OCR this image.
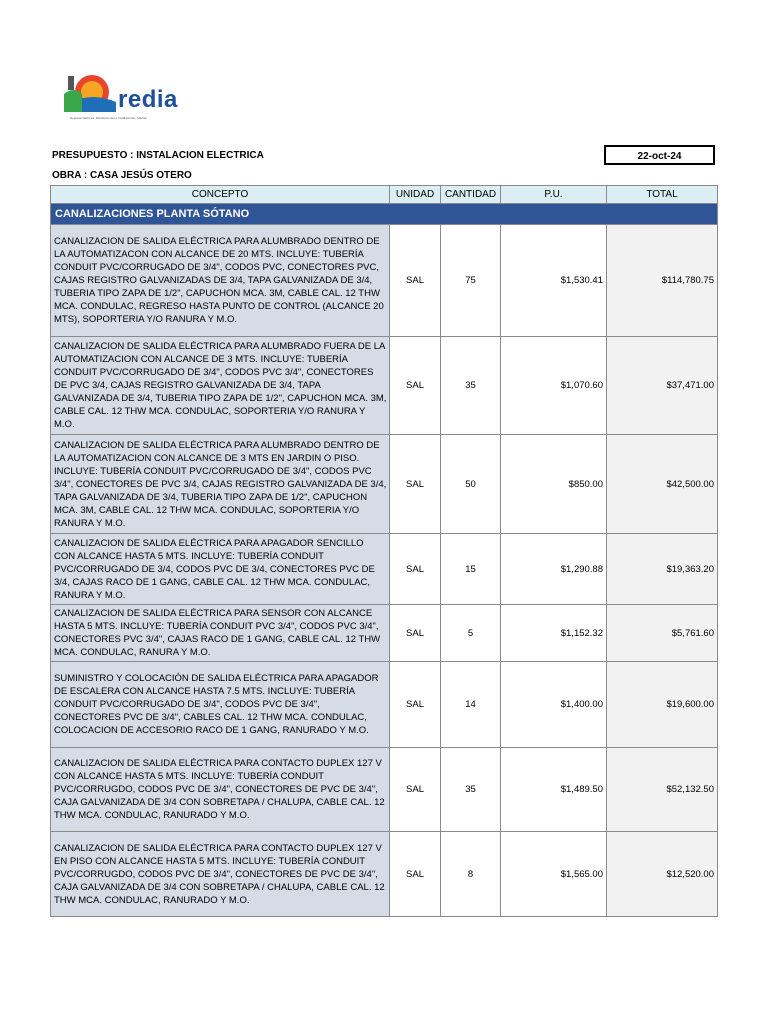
redia
Representaciones, Distribuciones e Instalaciones, Mérida
PRESUPUESTO : INSTALACION ELECTRICA
OBRA : CASA JESÚS OTERO
22-oct-24
CONCEPTO	UNIDAD	CANTIDAD	P.U.	TOTAL
CANALIZACIONES PLANTA SÓTANO				
CANALIZACION DE SALIDA ELÉCTRICA PARA ALUMBRADO DENTRO DE LA AUTOMATIZACON CON ALCANCE DE 20 MTS. INCLUYE: TUBERÍA CONDUIT PVC/CORRUGADO DE 3/4", CODOS PVC, CONECTORES PVC, CAJAS REGISTRO GALVANIZADAS DE 3/4, TAPA GALVANIZADA DE 3/4, TUBERIA TIPO ZAPA DE 1/2", CAPUCHON MCA. 3M, CABLE CAL. 12 THW MCA. CONDULAC, REGRESO HASTA PUNTO DE CONTROL (ALCANCE 20 MTS), SOPORTERIA Y/O RANURA Y M.O.	SAL	75	$1,530.41	$114,780.75
CANALIZACION DE SALIDA ELÉCTRICA PARA ALUMBRADO FUERA DE LA AUTOMATIZACION CON ALCANCE DE 3 MTS. INCLUYE: TUBERÍA CONDUIT PVC/CORRUGADO DE 3/4", CODOS PVC 3/4", CONECTORES DE PVC 3/4, CAJAS REGISTRO GALVANIZADA DE 3/4, TAPA GALVANIZADA DE 3/4, TUBERIA TIPO ZAPA DE 1/2", CAPUCHON MCA. 3M, CABLE CAL. 12 THW MCA. CONDULAC, SOPORTERIA Y/O RANURA Y M.O.	SAL	35	$1,070.60	$37,471.00
CANALIZACION DE SALIDA ELÉCTRICA PARA ALUMBRADO DENTRO DE LA AUTOMATIZACION CON ALCANCE DE 3 MTS EN JARDIN O PISO. INCLUYE: TUBERÍA CONDUIT PVC/CORRUGADO DE 3/4", CODOS PVC 3/4", CONECTORES DE PVC 3/4, CAJAS REGISTRO GALVANIZADA DE 3/4, TAPA GALVANIZADA DE 3/4, TUBERIA TIPO ZAPA DE 1/2", CAPUCHON MCA. 3M, CABLE CAL. 12 THW MCA. CONDULAC, SOPORTERIA Y/O RANURA Y M.O.	SAL	50	$850.00	$42,500.00
CANALIZACION DE SALIDA ELÉCTRICA PARA APAGADOR SENCILLO CON ALCANCE HASTA 5 MTS. INCLUYE: TUBERÍA CONDUIT PVC/CORRUGADO DE 3/4, CODOS PVC DE 3/4, CONECTORES PVC DE 3/4, CAJAS RACO DE 1 GANG, CABLE CAL. 12 THW MCA. CONDULAC, RANURA Y M.O.	SAL	15	$1,290.88	$19,363.20
CANALIZACION DE SALIDA ELÉCTRICA PARA SENSOR CON ALCANCE HASTA 5 MTS. INCLUYE: TUBERÍA CONDUIT PVC 3/4", CODOS PVC 3/4", CONECTORES PVC 3/4", CAJAS RACO DE 1 GANG, CABLE CAL. 12 THW MCA. CONDULAC, RANURA Y M.O.	SAL	5	$1,152.32	$5,761.60
SUMINISTRO Y COLOCACIÓN DE SALIDA ELÉCTRICA PARA APAGADOR DE ESCALERA CON ALCANCE HASTA 7.5 MTS. INCLUYE: TUBERÍA CONDUIT PVC/CORRUGADO DE 3/4", CODOS PVC DE 3/4", CONECTORES PVC DE 3/4", CABLES CAL. 12 THW MCA. CONDULAC, COLOCACION DE ACCESORIO RACO DE 1 GANG, RANURADO Y M.O.	SAL	14	$1,400.00	$19,600.00
CANALIZACION DE SALIDA ELÉCTRICA PARA CONTACTO DUPLEX 127 V CON ALCANCE HASTA 5 MTS. INCLUYE: TUBERÍA CONDUIT PVC/CORRUGDO, CODOS PVC DE 3/4", CONECTORES DE PVC DE 3/4", CAJA GALVANIZADA DE 3/4 CON SOBRETAPA / CHALUPA, CABLE CAL. 12 THW MCA. CONDULAC, RANURADO Y M.O.	SAL	35	$1,489.50	$52,132.50
CANALIZACION DE SALIDA ELÉCTRICA PARA CONTACTO DUPLEX 127 V EN PISO CON ALCANCE HASTA 5 MTS. INCLUYE: TUBERÍA CONDUIT PVC/CORRUGDO, CODOS PVC DE 3/4", CONECTORES DE PVC DE 3/4", CAJA GALVANIZADA DE 3/4 CON SOBRETAPA / CHALUPA, CABLE CAL. 12 THW MCA. CONDULAC, RANURADO Y M.O.	SAL	8	$1,565.00	$12,520.00
